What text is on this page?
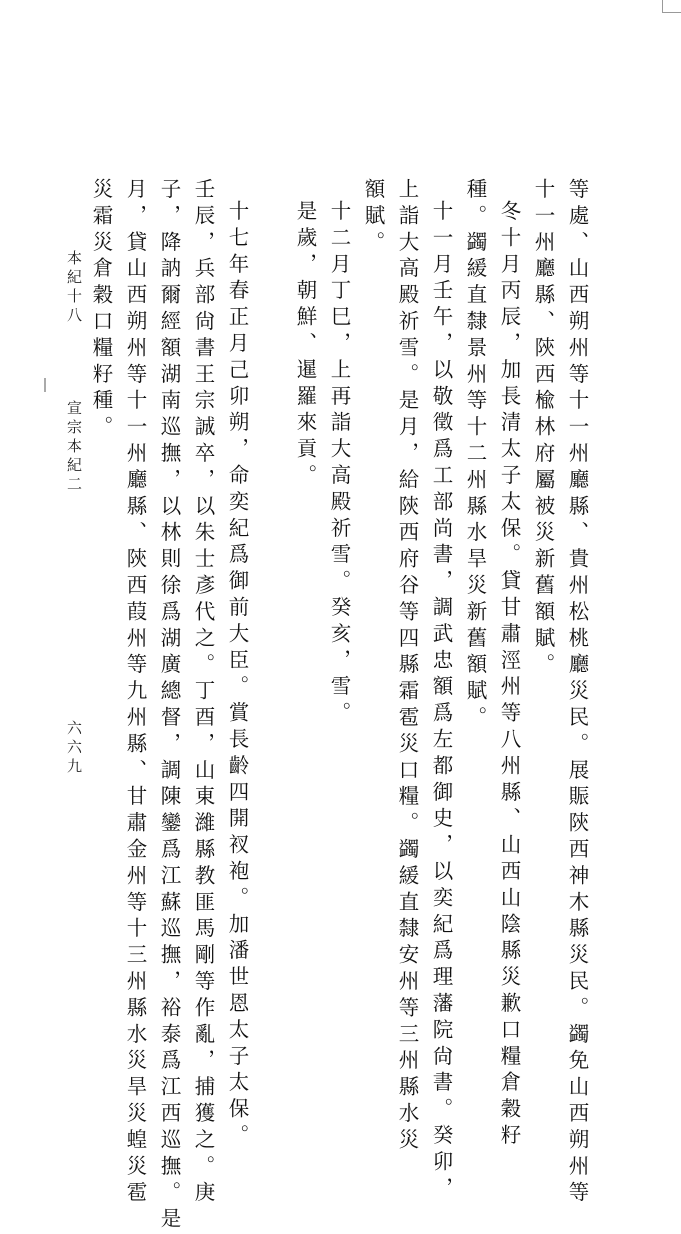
等處、山西朔州等十一州廳縣、貴州松桃廳災民。展賑陝西神木縣災民。蠲免山西朔州等
十一州廳縣、陝西楡林府屬被災新舊額賦。
冬十月丙辰，加長清太子太保。貸甘肅涇州等八州縣、山西山陰縣災歉口糧倉穀籽
種。蠲緩直隸景州等十二州縣水旱災新舊額賦。
十一月壬午，以敬徵爲工部尚書，調武忠額爲左都御史，以奕紀爲理藩院尙書。癸卯，
上詣大高殿祈雪。是月，給陝西府谷等四縣霜雹災口糧。蠲緩直隸安州等三州縣水災
額賦。
十二月丁巳，上再詣大高殿祈雪。癸亥，雪。
是歲，朝鮮、暹羅來貢。
十七年春正月己卯朔，命奕紀爲御前大臣。賞長齡四開衩袍。加潘世恩太子太保。
壬辰，兵部尙書王宗誠卒，以朱士彥代之。丁酉，山東濰縣教匪馬剛等作亂，捕獲之。庚
子，降訥爾經額湖南巡撫，以林則徐爲湖廣總督，調陳鑾爲江蘇巡撫，裕泰爲江西巡撫。是
月，貸山西朔州等十一州廳縣、陝西葭州等九州縣、甘肅金州等十三州縣水災旱災蝗災雹
災霜災倉穀口糧籽種。
本紀十八
宣宗本紀二
六六九
